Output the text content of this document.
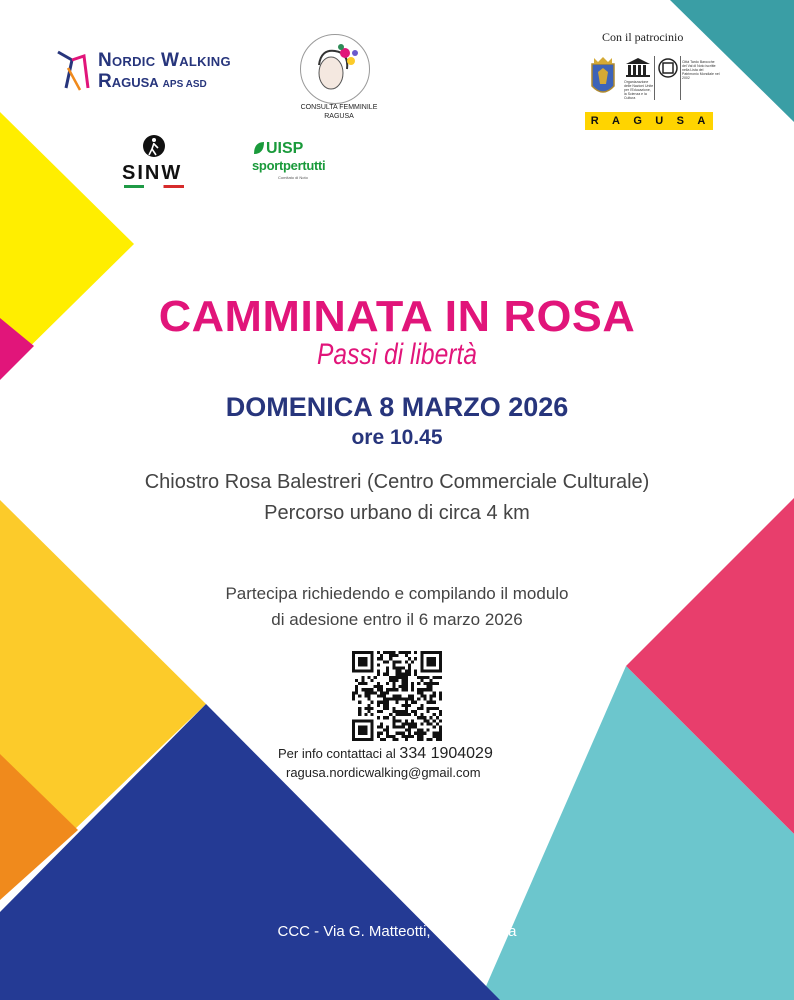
Nordic Walking
Ragusa APS ASD
CONSULTA FEMMINILE
RAGUSA
SINW
UISP
sportpertutti
Comitato di Noto
Con il patrocinio
Organizzazione delle Nazioni Unite per l'Educazione, la Scienza e la Cultura
Città Tardo Barocche del Val di Noto iscritte nella Lista del Patrimonio Mondiale nel 2002
R A G U S A
CAMMINATA IN ROSA
Passi di libertà
DOMENICA 8 MARZO 2026
ore 10.45
Chiostro Rosa Balestreri (Centro Commerciale Culturale)
Percorso urbano di circa 4 km
Partecipa richiedendo e compilando il modulo
di adesione entro il 6 marzo 2026
Per info contattaci al 334 1904029
ragusa.nordicwalking@gmail.com
CCC - Via G. Matteotti, 61 - Ragusa
